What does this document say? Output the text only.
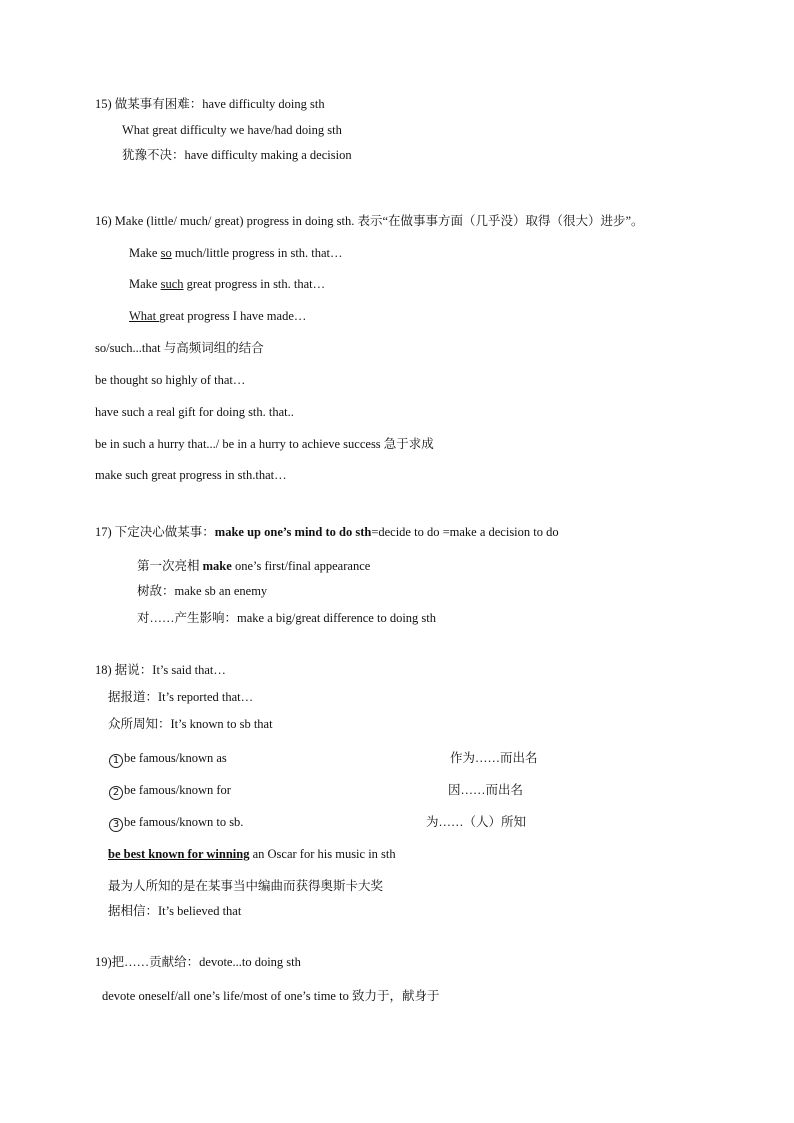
15) 做某事有困难：have difficulty doing sth
What great difficulty we have/had doing sth
犹豫不决：have difficulty making a decision
16) Make (little/ much/ great) progress in doing sth. 表示“在做事事方面（几乎没）取得（很大）进步”。
Make so much/little progress in sth. that…
Make such great progress in sth. that…
What great progress I have made…
so/such...that 与高频词组的结合
be thought so highly of that…
have such a real gift for doing sth. that..
be in such a hurry that.../ be in a hurry to achieve success 急于求成
make such great progress in sth.that…
17) 下定决心做某事：make up one’s mind to do sth=decide to do =make a decision to do
第一次亮相 make one’s first/final appearance
树敌：make sb an enemy
对……产生影响：make a big/great difference to doing sth
18) 据说：It’s said that…
据报道：It’s reported that…
众所周知：It’s known to sb that
1 be famous/known as	作为……而出名
2 be famous/known for	因……而出名
3 be famous/known to sb.	为……（人）所知
be best known for winning an Oscar for his music in sth
最为人所知的是在某事当中编曲而获得奥斯卡大奖
据相信：It’s believed that
19)把……贡献给：devote...to doing sth
devote oneself/all one’s life/most of one’s time to 致力于，献身于
